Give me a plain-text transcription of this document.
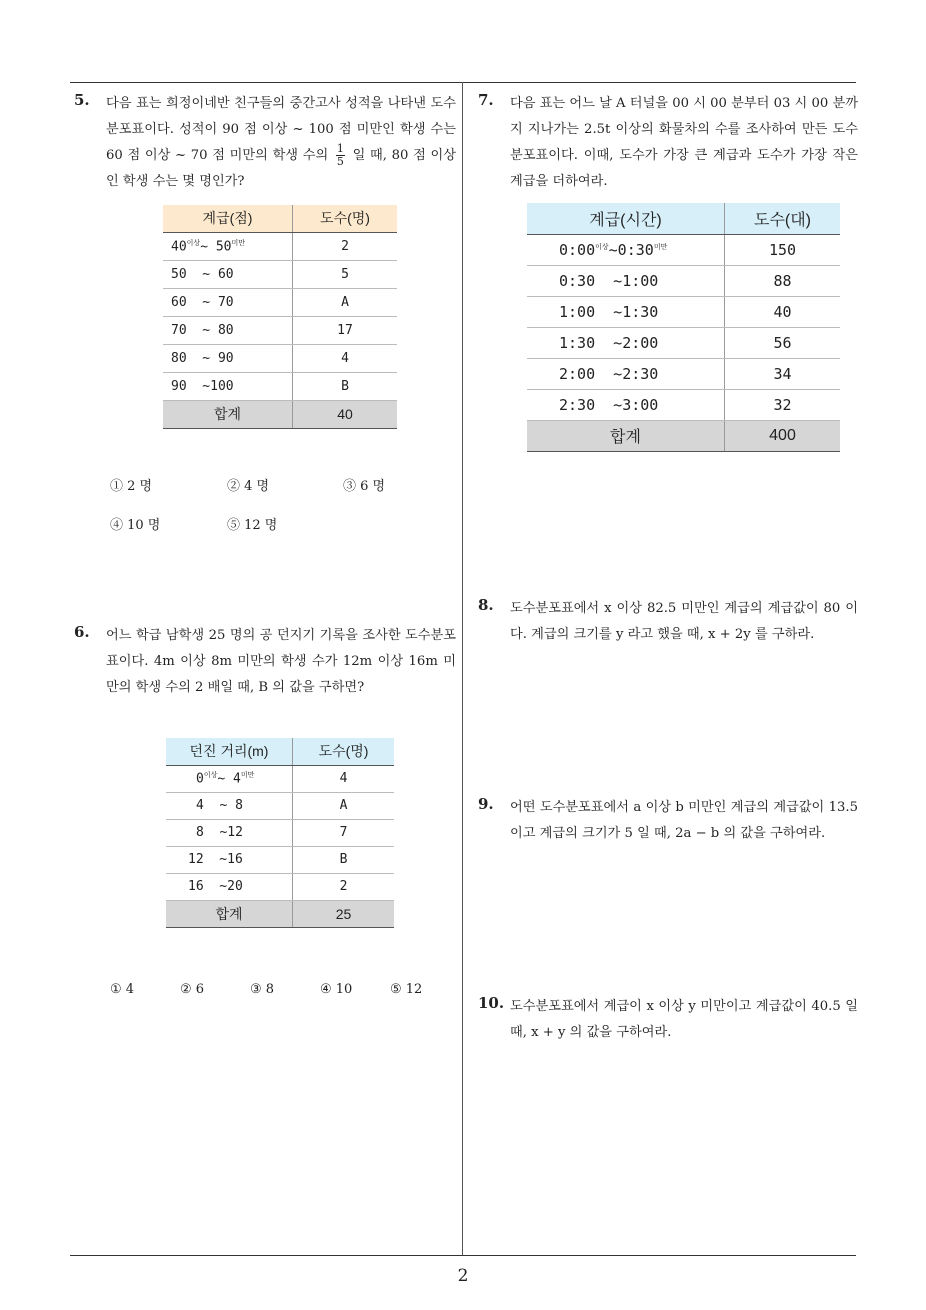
5. 다음 표는 희정이네반 친구들의 중간고사 성적을 나타낸 도수분포표이다. 성적이 90 점 이상 ~ 100 점 미만인 학생 수는 60 점 이상 ~ 70 점 미만의 학생 수의 $\frac{1}{5}$ 일 때, 80 점 이상인 학생 수는 몇 명인가?
계급(점)	도수(명)
$40^{이상}\sim$ $50^{미만}$	2
50  ~ 60	5
60  ~ 70	A
70  ~ 80	17
80  ~ 90	4
90  ~100	B
합계	40
① 2 명	② 4 명	③ 6 명
④ 10 명	⑤ 12 명
6. 어느 학급 남학생 25 명의 공 던지기 기록을 조사한 도수분포표이다. 4m 이상 8m 미만의 학생 수가 12m 이상 16m 미만의 학생 수의 2 배일 때, B 의 값을 구하면?
던진 거리(m)	도수(명)
$0^{이상}\sim$ $4^{미만}$	4
4  ~ 8	A
8  ~12	7
12  ~16	B
16  ~20	2
합계	25
① 4	② 6	③ 8	④ 10	⑤ 12
7. 다음 표는 어느 날 A 터널을 00 시 00 분부터 03 시 00 분까지 지나가는 2.5t 이상의 화물차의 수를 조사하여 만든 도수분포표이다. 이때, 도수가 가장 큰 계급과 도수가 가장 작은 계급을 더하여라.
계급(시간)	도수(대)
$0:00^{이상}\sim 0:30^{미만}$	150
0:30  ~1:00	88
1:00  ~1:30	40
1:30  ~2:00	56
2:00  ~2:30	34
2:30  ~3:00	32
합계	400
8. 도수분포표에서 x 이상 82.5 미만인 계급의 계급값이 80 이다. 계급의 크기를 y 라고 했을 때, x + 2y 를 구하라.
9. 어떤 도수분포표에서 a 이상 b 미만인 계급의 계급값이 13.5 이고 계급의 크기가 5 일 때, 2a − b 의 값을 구하여라.
10. 도수분포표에서 계급이 x 이상 y 미만이고 계급값이 40.5 일 때, x + y 의 값을 구하여라.
2
